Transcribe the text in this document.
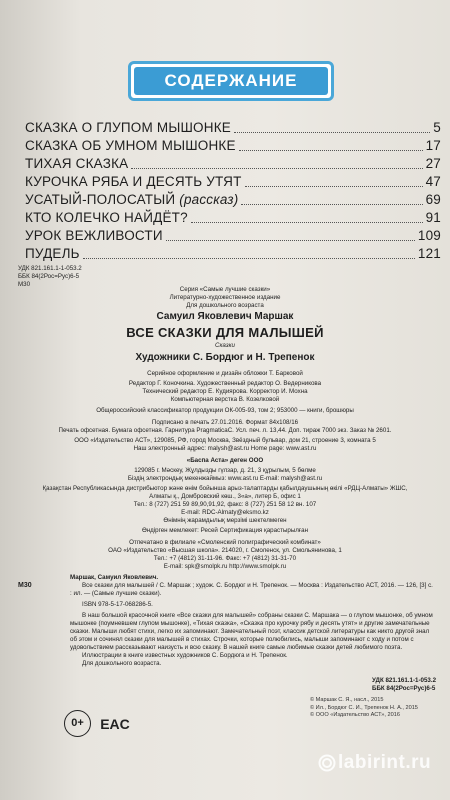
СОДЕРЖАНИЕ
СКАЗКА О ГЛУПОМ МЫШОНКЕ	5
СКАЗКА ОБ УМНОМ МЫШОНКЕ	17
ТИХАЯ СКАЗКА	27
КУРОЧКА РЯБА И ДЕСЯТЬ УТЯТ	47
УСАТЫЙ-ПОЛОСАТЫЙ (рассказ)	69
КТО КОЛЕЧКО НАЙДЁТ?	91
УРОК ВЕЖЛИВОСТИ	109
ПУДЕЛЬ	121
УДК 821.161.1-1-053.2
ББК 84(2Рос=Рус)6-5
М30
Серия «Самые лучшие сказки»
Литературно-художественное издание
Для дошкольного возраста
Самуил Яковлевич Маршак
ВСЕ СКАЗКИ ДЛЯ МАЛЫШЕЙ
Сказки
Художники С. Бордюг и Н. Трепенок
Серийное оформление и дизайн обложки Т. Барковой
Редактор Г. Коночкина. Художественный редактор О. Ведерникова
Технический редактор Е. Кудиярова. Корректор И. Мохна
Компьютерная верстка В. Козелковой
Общероссийский классификатор продукции ОК-005-93, том 2; 953000 — книги, брошюры
Подписано в печать 27.01.2016. Формат 84х108/16
Печать офсетная. Бумага офсетная. Гарнитура PragmaticaC. Усл. печ. л. 13,44. Доп. тираж 7000 экз. Заказ № 2601.
ООО «Издательство АСТ», 129085, РФ, город Москва, Звёздный бульвар, дом 21, строение 3, комната 5
Наш электронный адрес: malysh@ast.ru Home page: www.ast.ru
«Баспа Аста» деген ООО
129085 г. Мәскеу, Жұлдызды гүлзар, д. 21, 3 құрылым, 5 бөлме
Біздің электрондық мекенжаймыз: www.ast.ru E-mail: malysh@ast.ru
Қазақстан Республикасында дистрибьютор және өнім бойынша арыз-талаптарды қабылдаушының өкілі «РДЦ-Алматы» ЖШС,
Алматы қ., Домбровский көш., 3«а», литер Б, офис 1
Тел.: 8 (727) 251 59 89,90,91,92, факс: 8 (727) 251 58 12 вн. 107
E-mail: RDC-Almaty@eksmo.kz
Өнімнің жарамдылық мерзімі шектелмеген
Өндірген мемлекет: Ресей Сертификация қарастырылған
Отпечатано в филиале «Смоленский полиграфический комбинат»
ОАО «Издательство «Высшая школа». 214020, г. Смоленск, ул. Смольянинова, 1
Тел.: +7 (4812) 31-11-96. Факс: +7 (4812) 31-31-70
E-mail: spk@smolpk.ru http://www.smolpk.ru
М30
Маршак, Самуил Яковлевич.
Все сказки для малышей / С. Маршак ; худож. С. Бордюг и Н. Трепенок. — Москва : Издательство АСТ, 2016. — 126, [3] с. : ил. — (Самые лучшие сказки).
ISBN 978-5-17-068286-5.
В наш большой красочной книге «Все сказки для малышей» собраны сказки С. Маршака — о глупом мышонке, об умном мышонке (поумневшем глупом мышонке), «Тихая сказка», «Сказка про курочку рябу и десять утят» и другие замечательные сказки. Малыши любят стихи, легко их запоминают. Замечательный поэт, классик детской литературы как никто другой знал об этом и сочинял сказки для малышей в стихах. Строчки, которые полюбились, малыши запоминают с ходу и потом с удовольствием рассказывают наизусть и всю сказку. В нашей книге самые любимые сказки детей любимого поэта.
Иллюстрации в книге известных художников С. Бордюга и Н. Трепенок.
Для дошкольного возраста.
УДК 821.161.1-1-053.2
ББК 84(2Рос=Рус)6-5
© Маршак С. Я., насл., 2015
© Ил., Бордюг С. И., Трепенок Н. А., 2015
© ООО «Издательство АСТ», 2016
0+	EAC
labirint.ru
